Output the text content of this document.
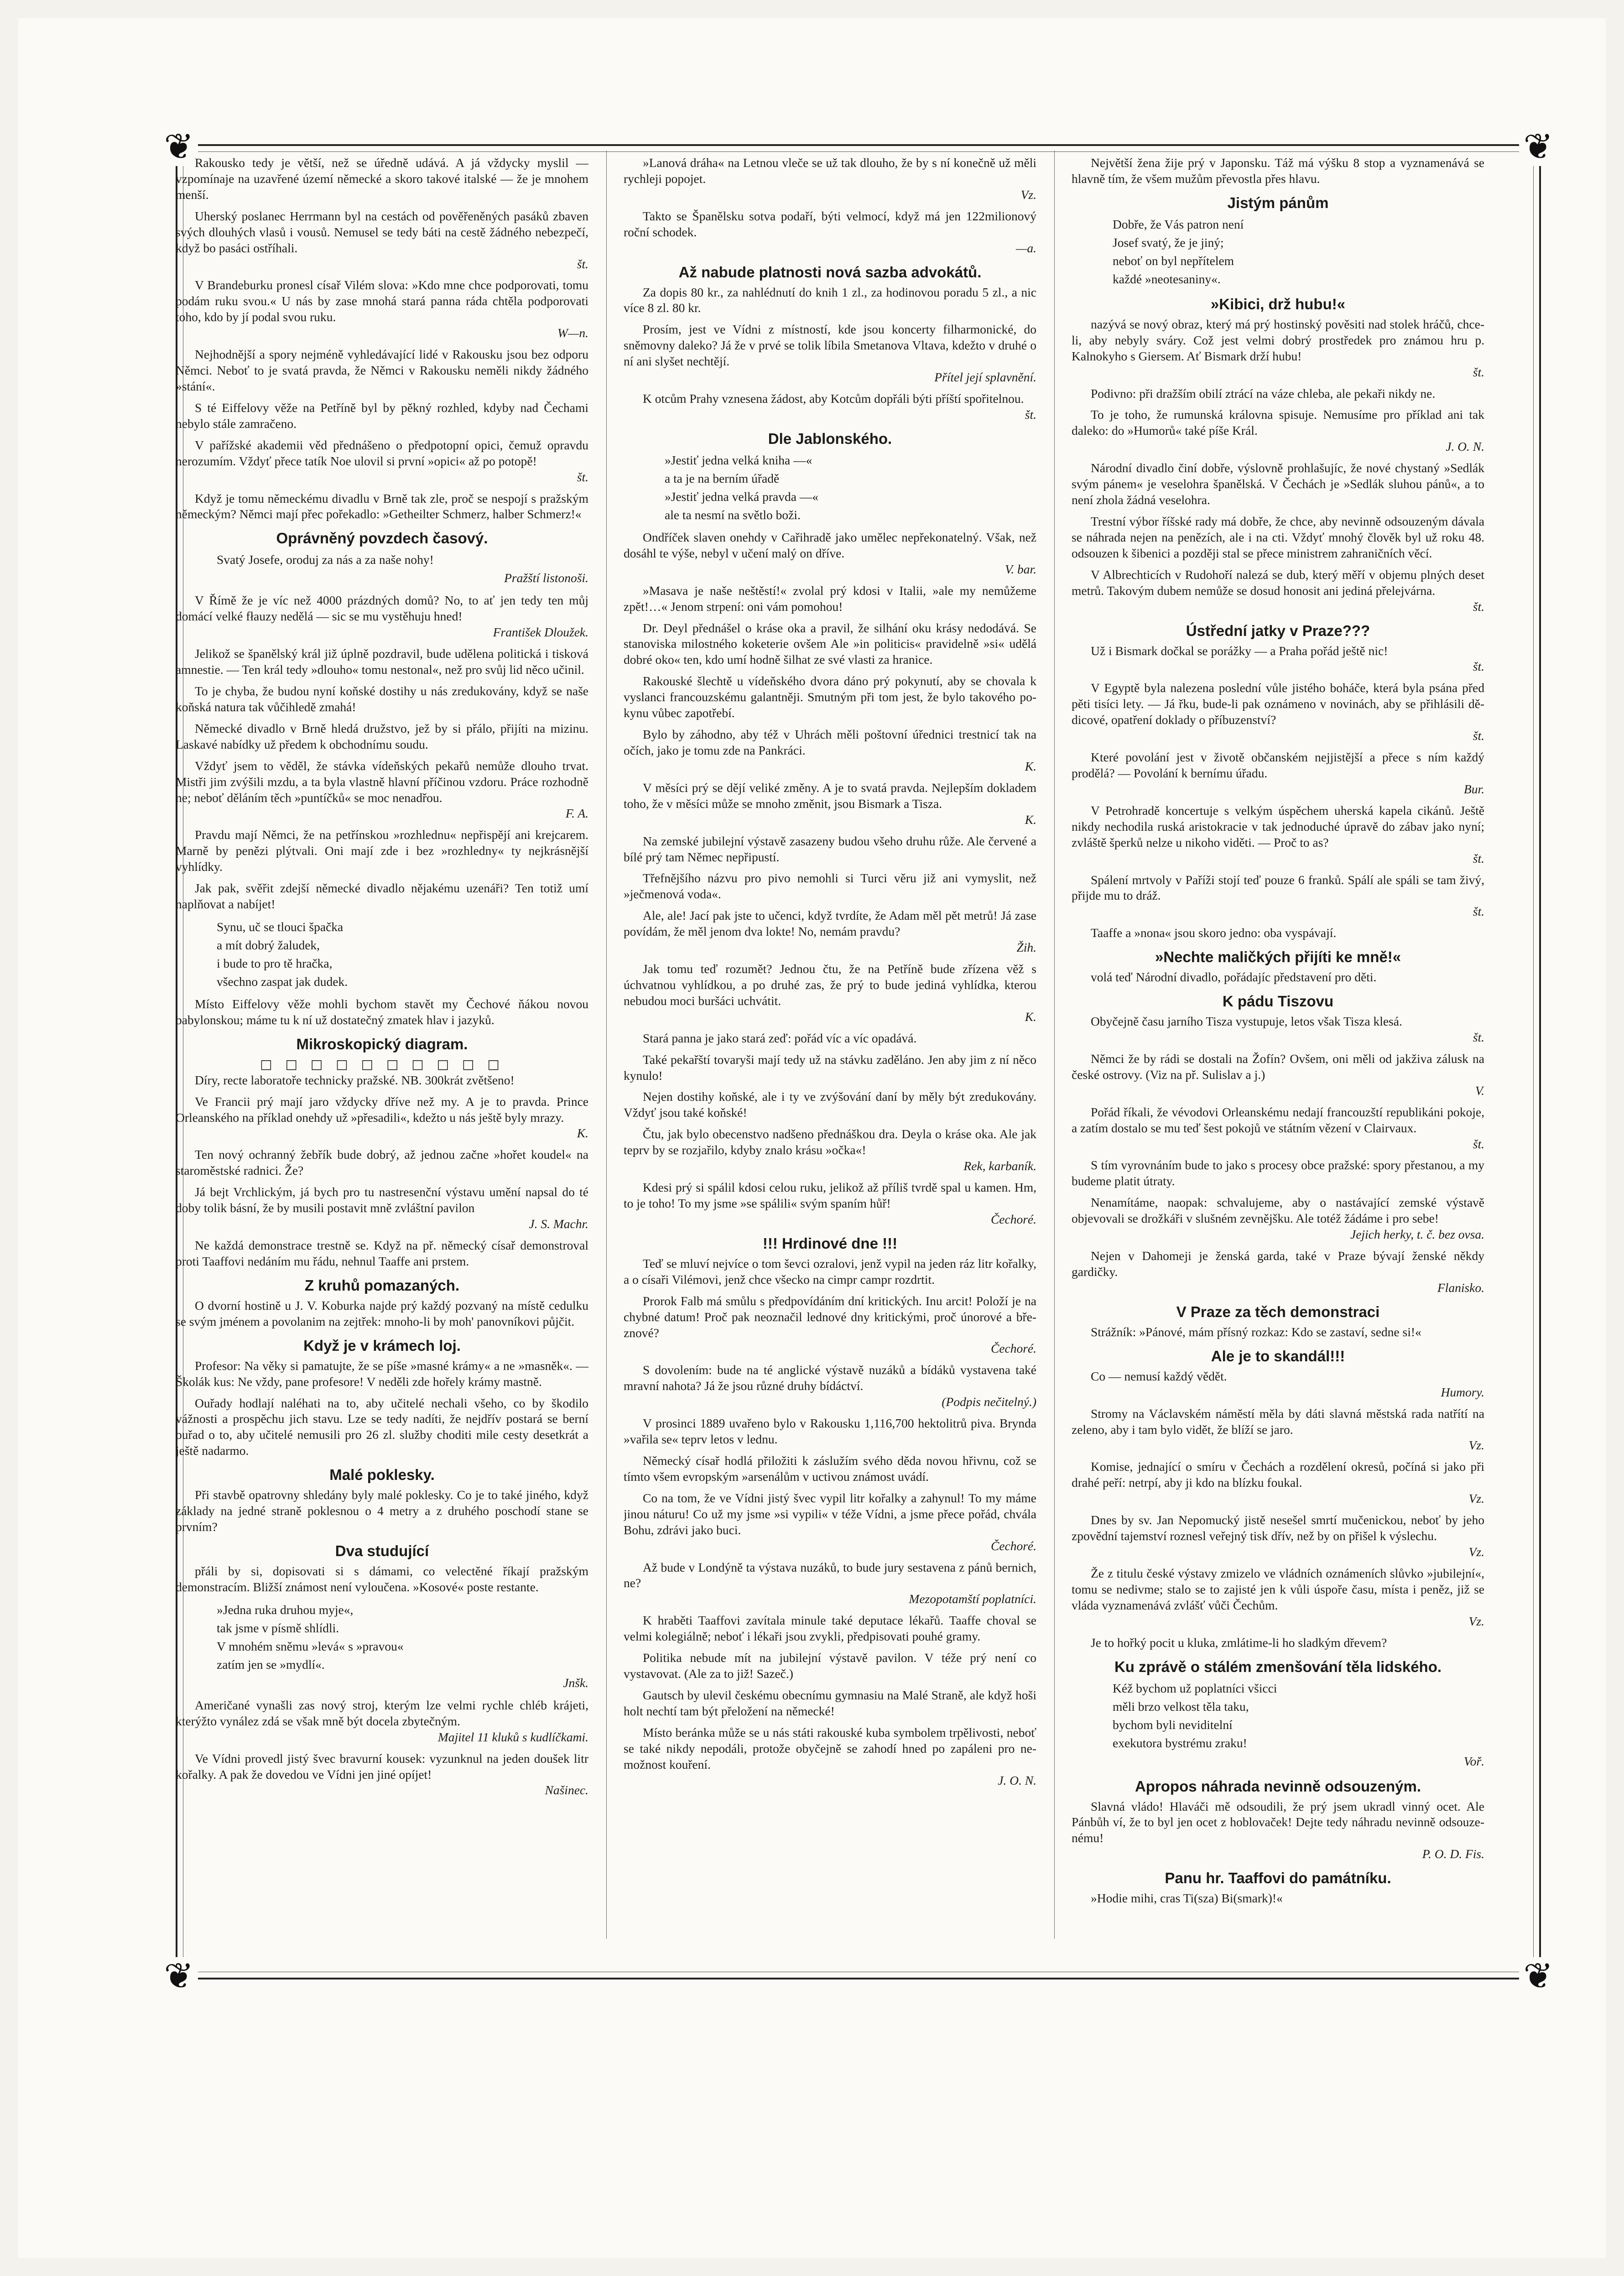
❦	❦
❦	❦

Rakousko tedy je větší, než se úředně udává. A já vždycky myslil — vzpomínaje na uzavřené území německé a skoro takové italské — že je mnohem menší.

Uherský poslanec Herrmann byl na cestách od pověřeněných pasáků zbaven svých dlouhých vlasů i vousů. Nemusel se tedy báti na cestě žádného nebezpečí, když bo pasáci ostříhali.
št.

V Brandeburku pronesl císař Vilém slova: »Kdo mne chce podporovati, tomu podám ruku svou.« U nás by zase mnohá stará panna ráda chtěla podporovati toho, kdo by jí podal svou ruku.
W—n.

Nejhodnější a spory nejméně vyhledávající lidé v Rakousku jsou bez odporu Němci. Neboť to je svatá pravda, že Němci v Rakousku neměli nikdy žádného »stání«.

S té Eiffelovy věže na Petříně byl by pěkný rozhled, kdyby nad Čechami nebylo stále zamračeno.

V pařížské akademii věd přednášeno o předpotopní opici, čemuž opravdu nerozumím. Vždyť přece tatík Noe ulovil si první »opici« až po potopě!
št.

Když je tomu německému divadlu v Brně tak zle, proč se nespojí s pražským německým? Němci mají přec pořekadlo: »Getheilter Schmerz, halber Schmerz!«

Oprávněný povzdech časový.
Svatý Josefe, oroduj za nás a za naše nohy!
Pražští listonoši.

V Římě že je víc než 4000 prázdných domů? No, to ať jen tedy ten můj domácí velké fłauzy nedělá — sic se mu vystěhuju hned!
František Dloužek.

Jelikož se španělský král již úplně pozdravil, bude udělena politická i tisková amnestie. — Ten král tedy »dlouho« tomu nestonal«, než pro svůj lid něco učinil.

To je chyba, že budou nyní koňské dostihy u nás zredukovány, když se naše koňská natura tak vůčihledě zmahá!

Německé divadlo v Brně hledá družstvo, jež by si přálo, přijíti na mizinu. Laskavé nabídky už předem k obchodnímu soudu.

Vždyť jsem to věděl, že stávka vídeňských pekařů nemůže dlouho trvat. Mistři jim zvýšili mzdu, a ta byla vlastně hlavní příčinou vzdoru. Práce rozhodně ne; neboť děláním těch »puntíčků« se moc nenadřou.
F. A.

Pravdu mají Němci, že na petřínskou »rozhlednu« nepřispějí ani krejcarem. Marně by penězi plýtvali. Oni mají zde i bez »rozhledny« ty nejkrásnější vyhlídky.

Jak pak, svěřit zdejší německé divadlo nějakému uzenáři? Ten totiž umí naplňovat a nabíjet!

Synu, uč se tlouci špačka
a mít dobrý žaludek,
i bude to pro tě hračka,
všechno zaspat jak dudek.

Místo Eiffelovy věže mohli bychom stavět my Čechové ňákou novou babylonskou; máme tu k ní už dostatečný zmatek hlav i jazyků.

Mikroskopický diagram.
□ □ □ □ □ □ □ □ □ □

Díry, recte laboratoře technicky pražské. NB. 300krát zvětšeno!

Ve Francii prý mají jaro vždycky dříve než my. A je to pravda. Prince Orleanského na příklad onehdy už »přesadili«, kdežto u nás ještě byly mrazy.
K.

Ten nový ochranný žebřík bude dobrý, až jednou začne »hořet koudel« na staroměstské radnici. Že?

Já bejt Vrchlickým, já bych pro tu nastresenční výstavu umění napsal do té doby tolik básní, že by musili postavit mně zvláštní pavilon
J. S. Machr.

Ne každá demonstrace trestně se. Když na př. německý císař demonstroval proti Taaffovi nedáním mu řádu, nehnul Taaffe ani prstem.

Z kruhů pomazaných.

O dvorní hostině u J. V. Koburka najde prý každý pozvaný na místě cedulku se svým jménem a povolanim na zejtřek: mnoho-li by moh' panovníkovi půjčit.

Když je v krámech loj.

Profesor: Na věky si pamatujte, že se píše »masné krámy« a ne »masněk«. — Školák kus: Ne vždy, pane profesore! V neděli zde hořely krámy mastně.

Ouřady hodlají naléhati na to, aby učitelé nechali všeho, co by škodilo vážnosti a prospěchu jich stavu. Lze se tedy nadíti, že nejdřív postará se berní ouřad o to, aby učitelé nemusili pro 26 zl. služby choditi mile cesty desetkrát a ještě nadarmo.

Malé poklesky.

Při stavbě opatrovny shledány byly malé poklesky. Co je to také jiného, když základy na jedné straně poklesnou o 4 metry a z druhého poschodí stane se prvním?

Dva studující

přáli by si, dopisovati si s dámami, co velectěné říkají pražským demonstracím. Bližší známost není vyloučena. »Kosové« poste restante.

»Jedna ruka druhou myje«,
tak jsme v písmě shlídli.
V mnohém sněmu »levá« s »pravou«
zatím jen se »mydlí«.
Jnšk.

Američané vynašli zas nový stroj, kterým lze velmi rychle chléb krájeti, kterýžto vynález zdá se však mně být docela zbytečným.
Majitel 11 kluků s kudlíčkami.

Ve Vídni provedl jistý švec bravurní kousek: vyzunknul na jeden doušek litr kořalky. A pak že dovedou ve Vídni jen jiné opíjet!
Našinec.

»Lanová dráha« na Letnou vleče se už tak dlouho, že by s ní konečně už měli rychleji popojet.
Vz.

Takto se Španělsku sotva podaří, býti velmocí, když má jen 122milionový roční schodek.
—a.

Až nabude platnosti nová sazba advokátů.

Za dopis 80 kr., za nahlédnutí do knih 1 zl., za hodinovou poradu 5 zl., a nic více 8 zl. 80 kr.

Prosím, jest ve Vídni z místností, kde jsou koncerty filharmonické, do sněmovny daleko? Já že v prvé se tolik líbila Smetanova Vltava, kdežto v druhé o ní ani slyšet nechtějí.
Přítel její splavnění.

K otcům Prahy vznesena žádost, aby Kotcům dopřáli býti příští spořitelnou.
št.

Dle Jablonského.
»Jestiť jedna velká kniha —«
a ta je na berním úřadě
»Jestiť jedna velká pravda —«
ale ta nesmí na světlo boži.

Ondříček slaven onehdy v Cařihradě jako umělec nepřekonatelný. Však, než dosáhl te výše, nebyl v učení malý on dříve.
V. bar.

»Masava je naše neštěstí!« zvolal prý kdosi v Italii, »ale my nemůžeme zpět!…« Jenom strpení: oni vám pomohou!

Dr. Deyl přednášel o kráse oka a pravil, že silhání oku krásy nedodává. Se stanoviska milostného koketerie ovšem Ale »in politicis« pravidelně »si« udělá dobré oko« ten, kdo umí hodně šilhat ze své vlasti za hranice.

Rakouské šlechtě u vídeňského dvora dáno prý pokynutí, aby se chovala k vyslanci francouzskému galantněji. Smutným při tom jest, že bylo takového pokynu vůbec zapotřebí.

Bylo by záhodno, aby též v Uhrách měli poštovní úřednici trestnicí tak na očích, jako je tomu zde na Pankráci.
K.

V měsíci prý se dějí veliké změny. A je to svatá pravda. Nejlepším dokladem toho, že v měsíci může se mnoho změnit, jsou Bismark a Tisza.
K.

Na zemské jubilejní výstavě zasazeny budou všeho druhu růže. Ale červené a bílé prý tam Němec nepřipustí.

Třefnějšího názvu pro pivo nemohli si Turci věru již ani vymyslit, než »ječmenová voda«.

Ale, ale! Jací pak jste to učenci, když tvrdíte, že Adam měl pět metrů! Já zase povídám, že měl jenom dva lokte! No, nemám pravdu?
Žih.

Jak tomu teď rozumět? Jednou čtu, že na Petříně bude zřízena věž s úchvatnou vyhlídkou, a po druhé zas, že prý to bude jediná vyhlídka, kterou nebudou moci buršáci uchvátit.
K.

Stará panna je jako stará zeď: pořád víc a víc opadává.

Také pekařští tovaryši mají tedy už na stávku zaděláno. Jen aby jim z ní něco kynulo!

Nejen dostihy koňské, ale i ty ve zvýšování daní by měly být zredukovány. Vždyť jsou také koňské!

Čtu, jak bylo obecenstvo nadšeno přednáškou dra. Deyla o kráse oka. Ale jak teprv by se rozjařilo, kdyby znalo krásu »očka«!
Rek, karbaník.

Kdesi prý si spálil kdosi celou ruku, jelikož až příliš tvrdě spal u kamen. Hm, to je toho! To my jsme »se spálili« svým spaním hůř!
Čechoré.

!!! Hrdinové dne !!!

Teď se mluví nejvíce o tom ševci ozralovi, jenž vypil na jeden ráz litr kořalky, a o císaři Vilémovi, jenž chce všecko na cimpr campr rozdrtit.

Prorok Falb má smůlu s předpovídáním dní kritických. Inu arcit! Položí je na chybné datum! Proč pak neoznačil lednové dny kritickými, proč únorové a březnové?
Čechoré.

S dovolením: bude na té anglické výstavě nuzáků a bídáků vystavena také mravní nahota? Já že jsou různé druhy bídáctví.
(Podpis nečitelný.)

V prosinci 1889 uvařeno bylo v Rakousku 1,116,700 hektolitrů piva. Brynda »vařila se« teprv letos v lednu.

Německý císař hodlá přiložiti k záslužím svého děda novou hřivnu, což se tímto všem evropským »arsenálům v uctivou známost uvádí.

Co na tom, že ve Vídni jistý švec vypil litr kořalky a zahynul! To my máme jinou náturu! Co už my jsme »si vypili« v téže Vídni, a jsme přece pořád, chvála Bohu, zdrávi jako buci.
Čechoré.

Až bude v Londýně ta výstava nuzáků, to bude jury sestavena z pánů bernich, ne?
Mezopotamští poplatníci.

K hraběti Taaffovi zavítala minule také deputace lékařů. Taaffe choval se velmi kolegiálně; neboť i lékaři jsou zvykli, předpisovati pouhé gramy.

Politika nebude mít na jubilejní výstavě pavilon. V téže prý není co vystavovat. (Ale za to již! Sazeč.)

Gautsch by ulevil českému obecnímu gymnasiu na Malé Straně, ale když hoši holt nechtí tam být přeložení na německé!

Místo beránka může se u nás státi rakouské kuba symbolem trpělivosti, neboť se také nikdy nepodáli, protože obyčejně se zahodí hned po zapáleni pro nemožnost kouření.
J. O. N.

Největší žena žije prý v Japonsku. Táž má výšku 8 stop a vyznamenává se hlavně tím, že všem mužům převostla přes hlavu.

Jistým pánům
Dobře, že Vás patron není
Josef svatý, že je jiný;
neboť on byl nepřítelem
každé »neotesaniny«.
»Kibici, drž hubu!«

nazývá se nový obraz, který má prý hostinský pověsiti nad stolek hráčů, chce-li, aby nebyly sváry. Což jest velmi dobrý prostředek pro známou hru p. Kalnokyho s Giersem. Ať Bismark drží hubu!
št.

Podivno: při dražším obilí ztrácí na váze chleba, ale pekaři nikdy ne.

To je toho, že rumunská královna spisuje. Nemusíme pro příklad ani tak daleko: do »Humorů« také píše Král.
J. O. N.

Národní divadlo činí dobře, výslovně prohlašujíc, že nové chystaný »Sedlák svým pánem« je veselohra španělská. V Čechách je »Sedlák sluhou pánů«, a to není zhola žádná veselohra.

Trestní výbor říšské rady má dobře, že chce, aby nevinně odsouzeným dávala se náhrada nejen na penězích, ale i na cti. Vždyť mnohý člověk byl už roku 48. odsouzen k šibenici a později stal se přece ministrem zahraničních věcí.

V Albrechticích v Rudohoří nalezá se dub, který měří v objemu plných deset metrů. Takovým dubem nemůže se dosud honosit ani jediná přelejvárna.
št.

Ústřední jatky v Praze???

Už i Bismark dočkal se porážky — a Praha pořád ještě nic!
št.

V Egyptě byla nalezena poslední vůle jistého boháče, která byla psána před pěti tisíci lety. — Já řku, bude-li pak oznámeno v novinách, aby se přihlásili dědicové, opatření doklady o příbuzenství?
št.

Které povolání jest v životě občanském nejjistější a přece s ním každý prodělá? — Povolání k bernímu úřadu.
Bur.

V Petrohradě koncertuje s velkým úspěchem uherská kapela cikánů. Ještě nikdy nechodila ruská aristokracie v tak jednoduché úpravě do zábav jako nyní; zvláště šperků nelze u nikoho viděti. — Proč to as?
št.

Spálení mrtvoly v Paříži stojí teď pouze 6 franků. Spálí ale spáli se tam živý, přijde mu to dráž.
št.

Taaffe a »nona« jsou skoro jedno: oba vyspávají.

»Nechte maličkých přijíti ke mně!«

volá teď Národní divadlo, pořádajíc představení pro děti.

K pádu Tiszovu

Obyčejně času jarního Tisza vystupuje, letos však Tisza klesá.
št.

Němci že by rádi se dostali na Žofín? Ovšem, oni měli od jakživa zálusk na české ostrovy. (Viz na př. Sulislav a j.)
V.

Pořád říkali, že vévodovi Orleanskému nedají francouzští republikáni pokoje, a zatím dostalo se mu teď šest pokojů ve státním vězení v Clairvaux.
št.

S tím vyrovnáním bude to jako s procesy obce pražské: spory přestanou, a my budeme platit útraty.

Nenamítáme, naopak: schvalujeme, aby o nastávající zemské výstavě objevovali se drožkáři v slušném zevnějšku. Ale totéž žádáme i pro sebe!
Jejich herky, t. č. bez ovsa.

Nejen v Dahomeji je ženská garda, také v Praze bývají ženské někdy gardičky.
Flanisko.

V Praze za těch demonstraci

Strážník: »Pánové, mám přísný rozkaz: Kdo se zastaví, sedne si!«

Ale je to skandál!!!

Co — nemusí každý vědět.
Humory.

Stromy na Václavském náměstí měla by dáti slavná městská rada natřítí na zeleno, aby i tam bylo vidět, že blíží se jaro.
Vz.

Komise, jednající o smíru v Čechách a rozdělení okresů, počíná si jako při drahé peří: netrpí, aby ji kdo na blízku foukal.
Vz.

Dnes by sv. Jan Nepomucký jistě nesešel smrtí mučenickou, neboť by jeho zpovědní tajemství roznesl veřejný tisk dřív, než by on přišel k výslechu.
Vz.

Že z titulu české výstavy zmizelo ve vládních oznámeních slůvko »jubilejní«, tomu se nedivme; stalo se to zajisté jen k vůli úspoře času, místa i peněz, již se vláda vyznamenává zvlášť vůči Čechům.
Vz.

Je to hořký pocit u kluka, zmlátime-li ho sladkým dřevem?

Ku zprávě o stálém zmenšování těla lidského.
Kéž bychom už poplatníci všicci
měli brzo velkost těla taku,
bychom byli neviditelní
exekutora bystrému zraku!
Voř.
Apropos náhrada nevinně odsouzeným.

Slavná vládo! Hlaváči mě odsoudili, že prý jsem ukradl vinný ocet. Ale Pánbůh ví, že to byl jen ocet z hoblovaček! Dejte tedy náhradu nevinně odsouzenému!
P. O. D. Fis.

Panu hr. Taaffovi do památníku.

»Hodie mihi, cras Ti(sza) Bi(smark)!«
